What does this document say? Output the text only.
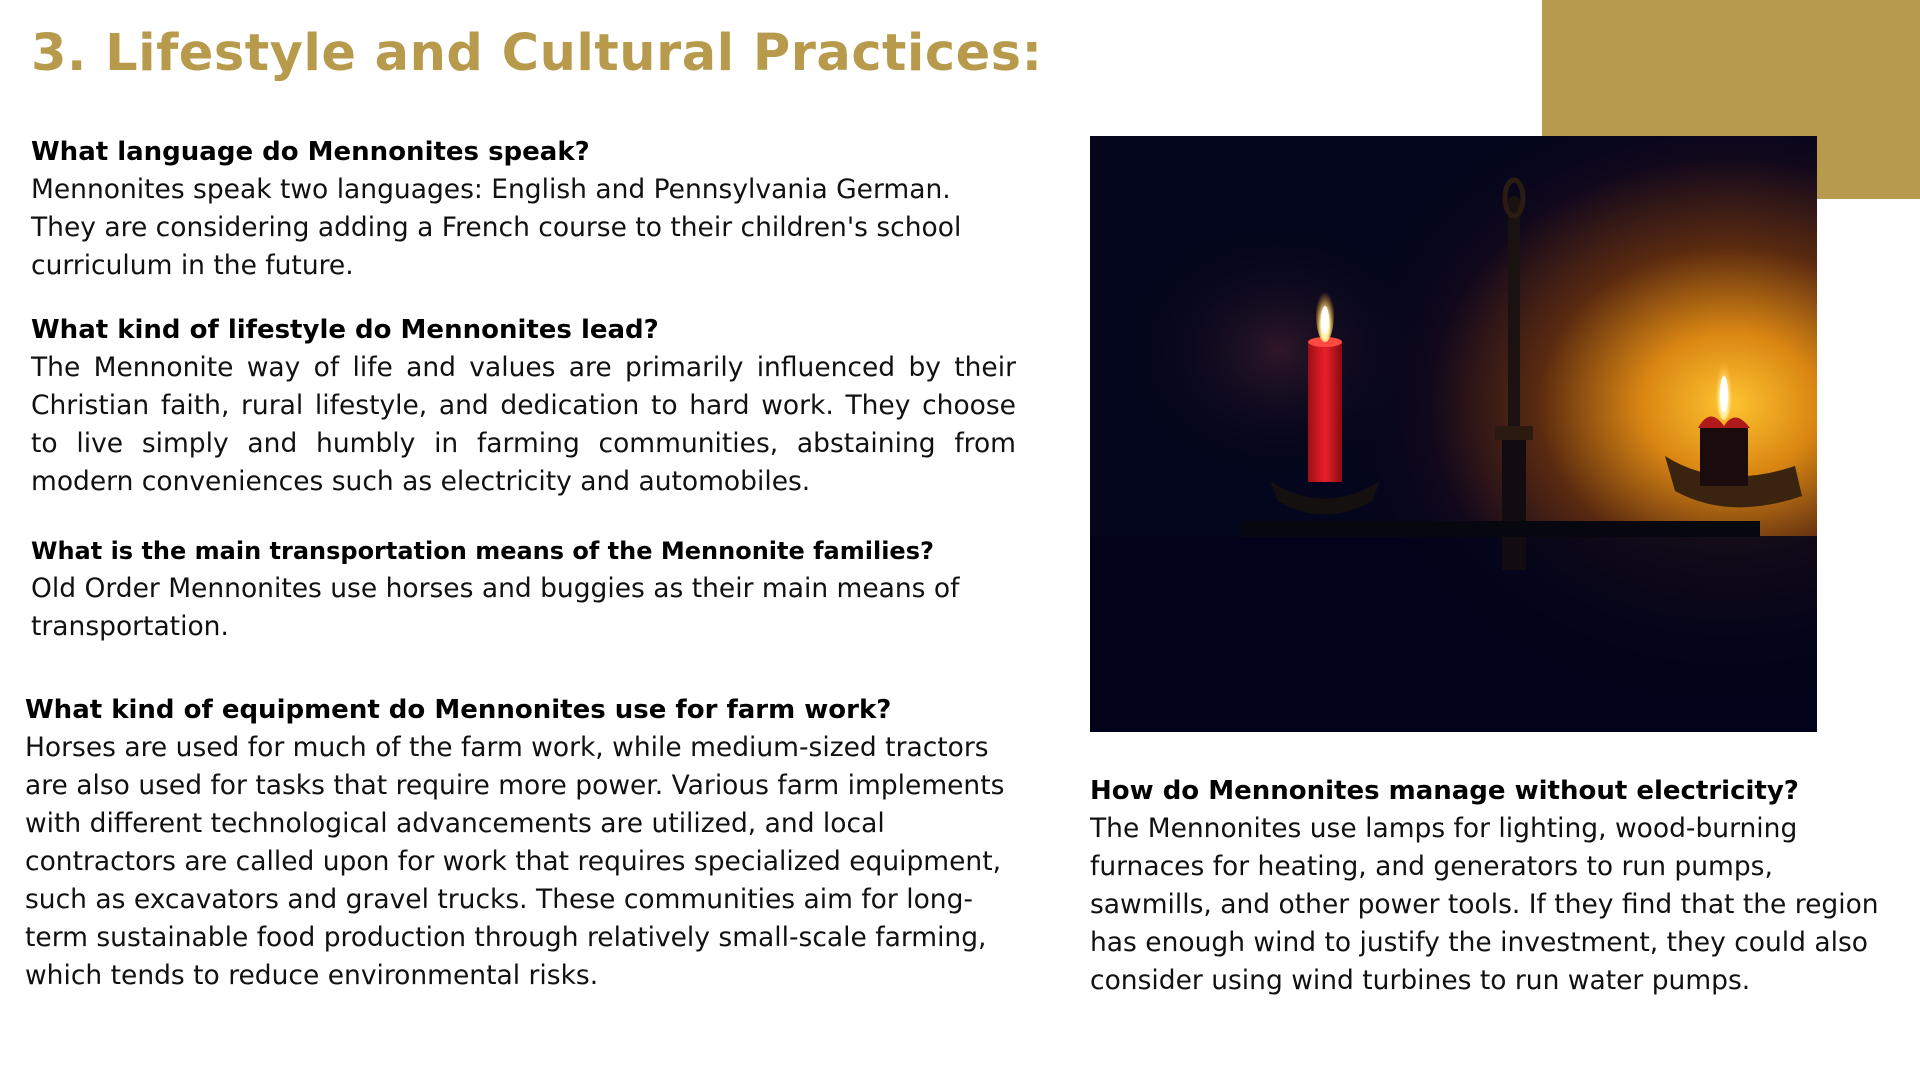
3. Lifestyle and Cultural Practices:
What language do Mennonites speak?

Mennonites speak two languages: English and Pennsylvania German. They are considering adding a French course to their children's school curriculum in the future.

What kind of lifestyle do Mennonites lead?

The Mennonite way of life and values are primarily influenced by their Christian faith, rural lifestyle, and dedication to hard work. They choose to live simply and humbly in farming communities, abstaining from modern conveniences such as electricity and automobiles.

What is the main transportation means of the Mennonite families?

Old Order Mennonites use horses and buggies as their main means of transportation.

What kind of equipment do Mennonites use for farm work?

Horses are used for much of the farm work, while medium-sized tractors are also used for tasks that require more power. Various farm implements with different technological advancements are utilized, and local contractors are called upon for work that requires specialized equipment, such as excavators and gravel trucks. These communities aim for long-term sustainable food production through relatively small-scale farming, which tends to reduce environmental risks.

How do Mennonites manage without electricity?

The Mennonites use lamps for lighting, wood-burning furnaces for heating, and generators to run pumps, sawmills, and other power tools. If they find that the region has enough wind to justify the investment, they could also consider using wind turbines to run water pumps.
